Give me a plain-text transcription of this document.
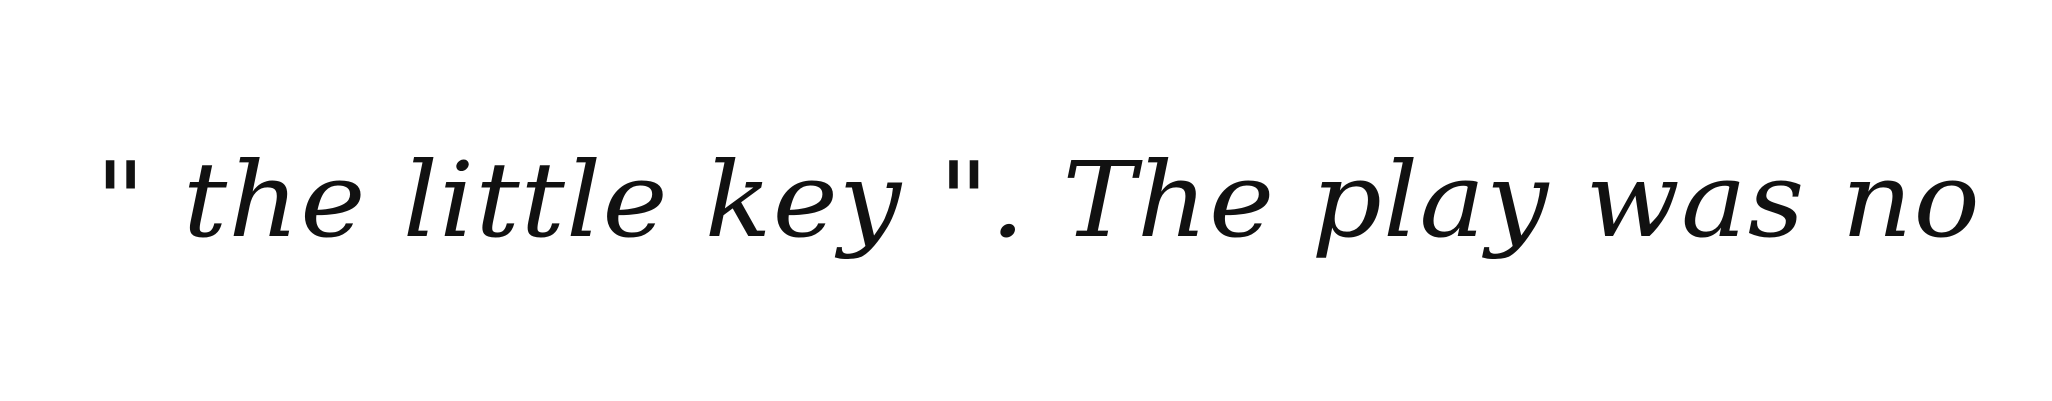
" the little key ". The play was no
